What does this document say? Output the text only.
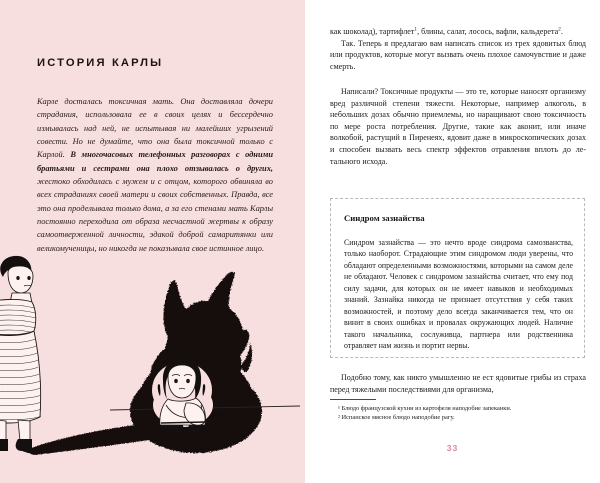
ИСТОРИЯ КАРЛЫ
Карле досталась токсичная мать. Она доставляла дочери страдания, использовала ее в своих целях и бессердечно измывалась над ней, не испытывая ни малейших угрызений совести. Но не думайте, что она была токсичной только с Карлой. В многочасовых телефонных разговорах с одними братьями и сестрами она плохо отзывалась о других, жестоко обходилась с мужем и с отцом, которого обвиняла во всех страданиях своей матери и своих собственных. Правда, все это она проделывала только дома, а за его стенами мать Карлы постоянно переходила от образа несчастной жертвы к образу самоотверженной личности, эдакой доброй самаритянки или великомученицы, но никогда не показывала свое истинное лицо.
как шоколад), тартифлет$^1$, блины, салат, лосось, вафли, кальдерета$^2$.
Так. Теперь я предлагаю вам написать список из трех ядовитых блюд или продуктов, которые могут вызвать очень плохое самочувствие и даже смерть.
Написали? Токсичные продукты — это те, которые наносят организму вред различной степени тяжести. Некоторые, например алкоголь, в небольших дозах обычно приемлемы, но наращивают свою токсичность по мере роста потребления. Другие, такие как аконит, или иначе волкобой, растущий в Пиренеях, ядовит даже в микроскопических дозах и способен вызвать весь спектр эффектов отравления вплоть до летального исхода.
Синдром зазнайства
Синдром зазнайства — это нечто вроде синдрома самозванства, только наоборот. Страдающие этим синдромом люди уверены, что обладают определенными возможностями, которыми на самом деле не обладают. Человек с синдромом зазнайства считает, что ему под силу задачи, для которых он не имеет навыков и необходимых знаний. Зазнайка никогда не признает отсутствия у себя таких возможностей, и поэтому дело всегда заканчивается тем, что он винит в своих ошибках и провалах окружающих людей. Наличие такого начальника, сослуживца, партнера или родственника отравляет нам жизнь и портит нервы.
Подобно тому, как никто умышленно не ест ядовитые грибы из страха перед тяжелыми последствиями для организма,
¹ Блюдо французской кухни из картофеля наподобие запеканки.
² Испанское мясное блюдо наподобие рагу.
33
